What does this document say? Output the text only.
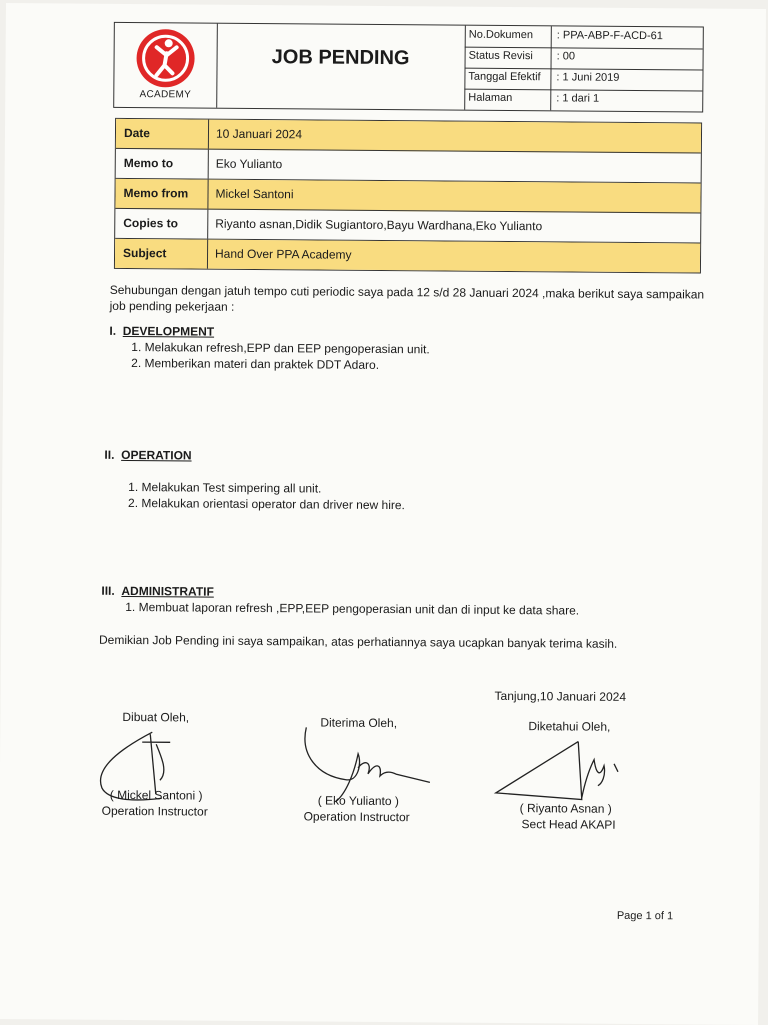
ACADEMY
JOB PENDING
No.Dokumen : PPA-ABP-F-ACD-61
Status Revisi : 00
Tanggal Efektif : 1 Juni 2019
Halaman	: 1 dari 1
Date	10 Januari 2024
Memo to	Eko Yulianto
Memo from Mickel Santoni
Copies to	Riyanto asnan,Didik Sugiantoro,Bayu Wardhana,Eko Yulianto
Subject	Hand Over PPA Academy
Sehubungan dengan jatuh tempo cuti periodic saya pada 12 s/d 28 Januari 2024 ,maka berikut saya sampaikan
job pending pekerjaan :
I. DEVELOPMENT
1. Melakukan refresh,EPP dan EEP pengoperasian unit.
2. Memberikan materi dan praktek DDT Adaro.
II. OPERATION
1. Melakukan Test simpering all unit.
2. Melakukan orientasi operator dan driver new hire.
III. ADMINISTRATIF
1. Membuat laporan refresh ,EPP,EEP pengoperasian unit dan di input ke data share.
Demikian Job Pending ini saya sampaikan, atas perhatiannya saya ucapkan banyak terima kasih.
Tanjung,10 Januari 2024
Dibuat Oleh,
( Mickel Santoni )
Operation Instructor
Diterima Oleh,
( Eko Yulianto )
Operation Instructor
Diketahui Oleh,
( Riyanto Asnan )
Sect Head AKAPI
Page 1 of 1
